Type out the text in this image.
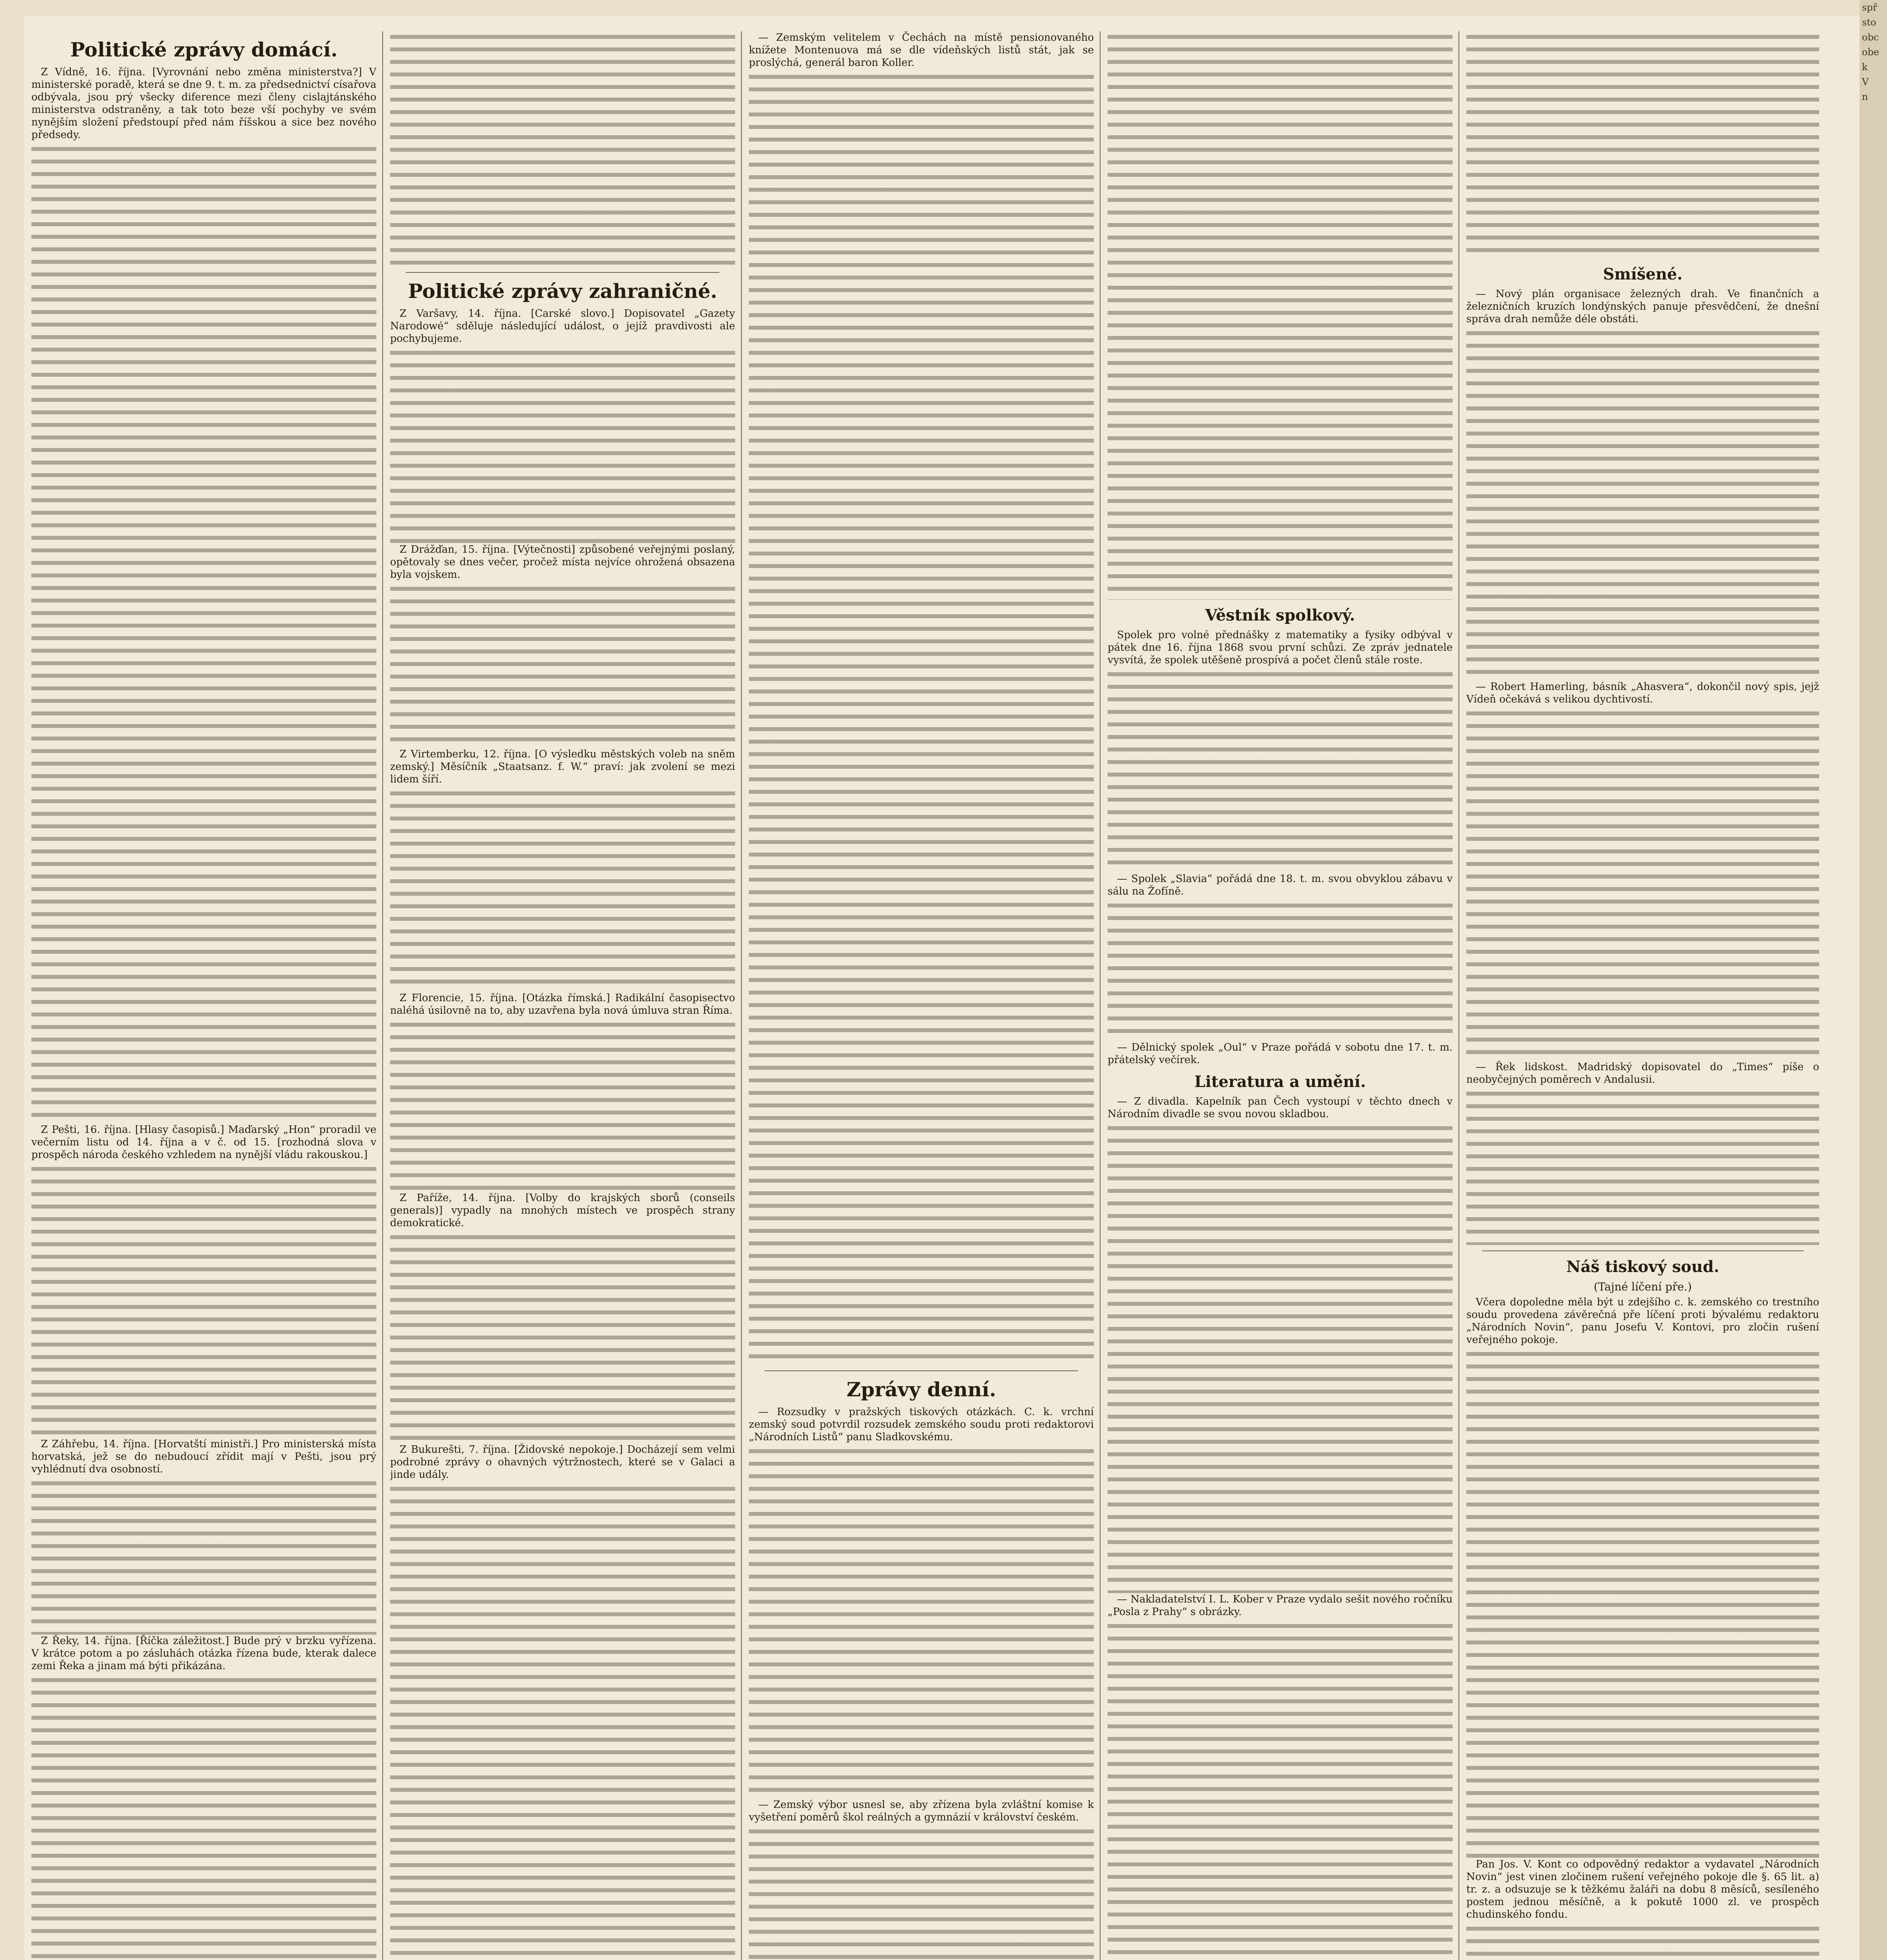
Politické zprávy domácí.

Z Vídně, 16. října. [Vyrovnání nebo změna ministerstva?] V ministerské poradě, která se dne 9. t. m. za předsednictví císařova odbývala, jsou prý všecky diference mezi členy cislajtánského ministerstva odstraněny, a tak toto beze vší pochyby ve svém nynějším složení předstoupí před nám říšskou a sice bez nového předsedy.

Z Pešti, 16. října. [Hlasy časopisů.] Maďarský „Hon“ proradil ve večerním listu od 14. října a v č. od 15. [rozhodná slova v prospěch národa českého vzhledem na nynější vládu rakouskou.]

Z Záhřebu, 14. října. [Horvatští ministři.] Pro ministerská místa horvatská, jež se do nebudoucí zřídit mají v Pešti, jsou prý vyhlédnutí dva osobností.

Z Řeky, 14. října. [Říčka záležitost.] Bude prý v brzku vyřízena. V krátce potom a po zásluhách otázka řízena bude, kterak dalece zemi Řeka a jinam má býti přikázána.

Politické zprávy zahraničné.

Z Varšavy, 14. října. [Carské slovo.] Dopisovatel „Gazety Narodowé“ sděluje následující událost, o jejíž pravdivosti ale pochybujeme.

Z Drážďan, 15. října. [Výtečnosti] způsobené veřejnými poslaný, opětovaly se dnes večer, pročež místa nejvíce ohrožená obsazena byla vojskem.

Z Virtemberku, 12. října. [O výsledku městských voleb na sněm zemský.] Měsíčník „Staatsanz. f. W.“ praví: jak zvolení se mezi lidem šíří.

Z Florencie, 15. října. [Otázka římská.] Radikální časopisectvo naléhá úsilovně na to, aby uzavřena byla nová úmluva stran Říma.

Z Paříže, 14. října. [Volby do krajských sborů (conseils generals)] vypadly na mnohých místech ve prospěch strany demokratické.

Z Bukurešti, 7. října. [Židovské nepokoje.] Docházejí sem velmi podrobné zprávy o ohavných výtržnostech, které se v Galaci a jinde udály.

— Zemským velitelem v Čechách na místě pensionovaného knížete Montenuova má se dle vídeňských listů stát, jak se proslýchá, generál baron Koller.

Zprávy denní.

— Rozsudky v pražských tiskových otázkách. C. k. vrchní zemský soud potvrdil rozsudek zemského soudu proti redaktorovi „Národních Listů“ panu Sladkovskému.

— Zemský výbor usnesl se, aby zřízena byla zvláštní komise k vyšetření poměrů škol reálných a gymnázií v království českém.

Věstník spolkový.

Spolek pro volné přednášky z matematiky a fysiky odbýval v pátek dne 16. října 1868 svou první schůzi. Ze zpráv jednatele vysvítá, že spolek utěšeně prospívá a počet členů stále roste.

— Spolek „Slavia“ pořádá dne 18. t. m. svou obvyklou zábavu v sálu na Žofíně.

— Dělnický spolek „Oul“ v Praze pořádá v sobotu dne 17. t. m. přátelský večírek.

Literatura a umění.

— Z divadla. Kapelník pan Čech vystoupí v těchto dnech v Národním divadle se svou novou skladbou.

— Nakladatelství I. L. Kober v Praze vydalo sešit nového ročníku „Posla z Prahy“ s obrázky.

Smíšené.

— Nový plán organisace železných drah. Ve finančních a železničních kruzích londýnských panuje přesvědčení, že dnešní správa drah nemůže déle obstáti.

— Robert Hamerling, básník „Ahasvera“, dokončil nový spis, jejž Vídeň očekává s velikou dychtivostí.

— Řek lidskost. Madridský dopisovatel do „Times“ píše o neobyčejných poměrech v Andalusii.

Náš tiskový soud.
(Tajné líčení pře.)

Včera dopoledne měla být u zdejšího c. k. zemského co trestního soudu provedena závěrečná pře líčení proti bývalému redaktoru „Národních Novin“, panu Josefu V. Kontovi, pro zločin rušení veřejného pokoje.

Pan Jos. V. Kont co odpovědný redaktor a vydavatel „Národních Novin“ jest vinen zločinem rušení veřejného pokoje dle §. 65 lit. a) tr. z. a odsuzuje se k těžkému žaláři na dobu 8 měsíců, sesíleného postem jednou měsíčně, a k pokutě 1000 zl. ve prospěch chudinského fondu.

spř
sto
obc
obe
k
V
n
